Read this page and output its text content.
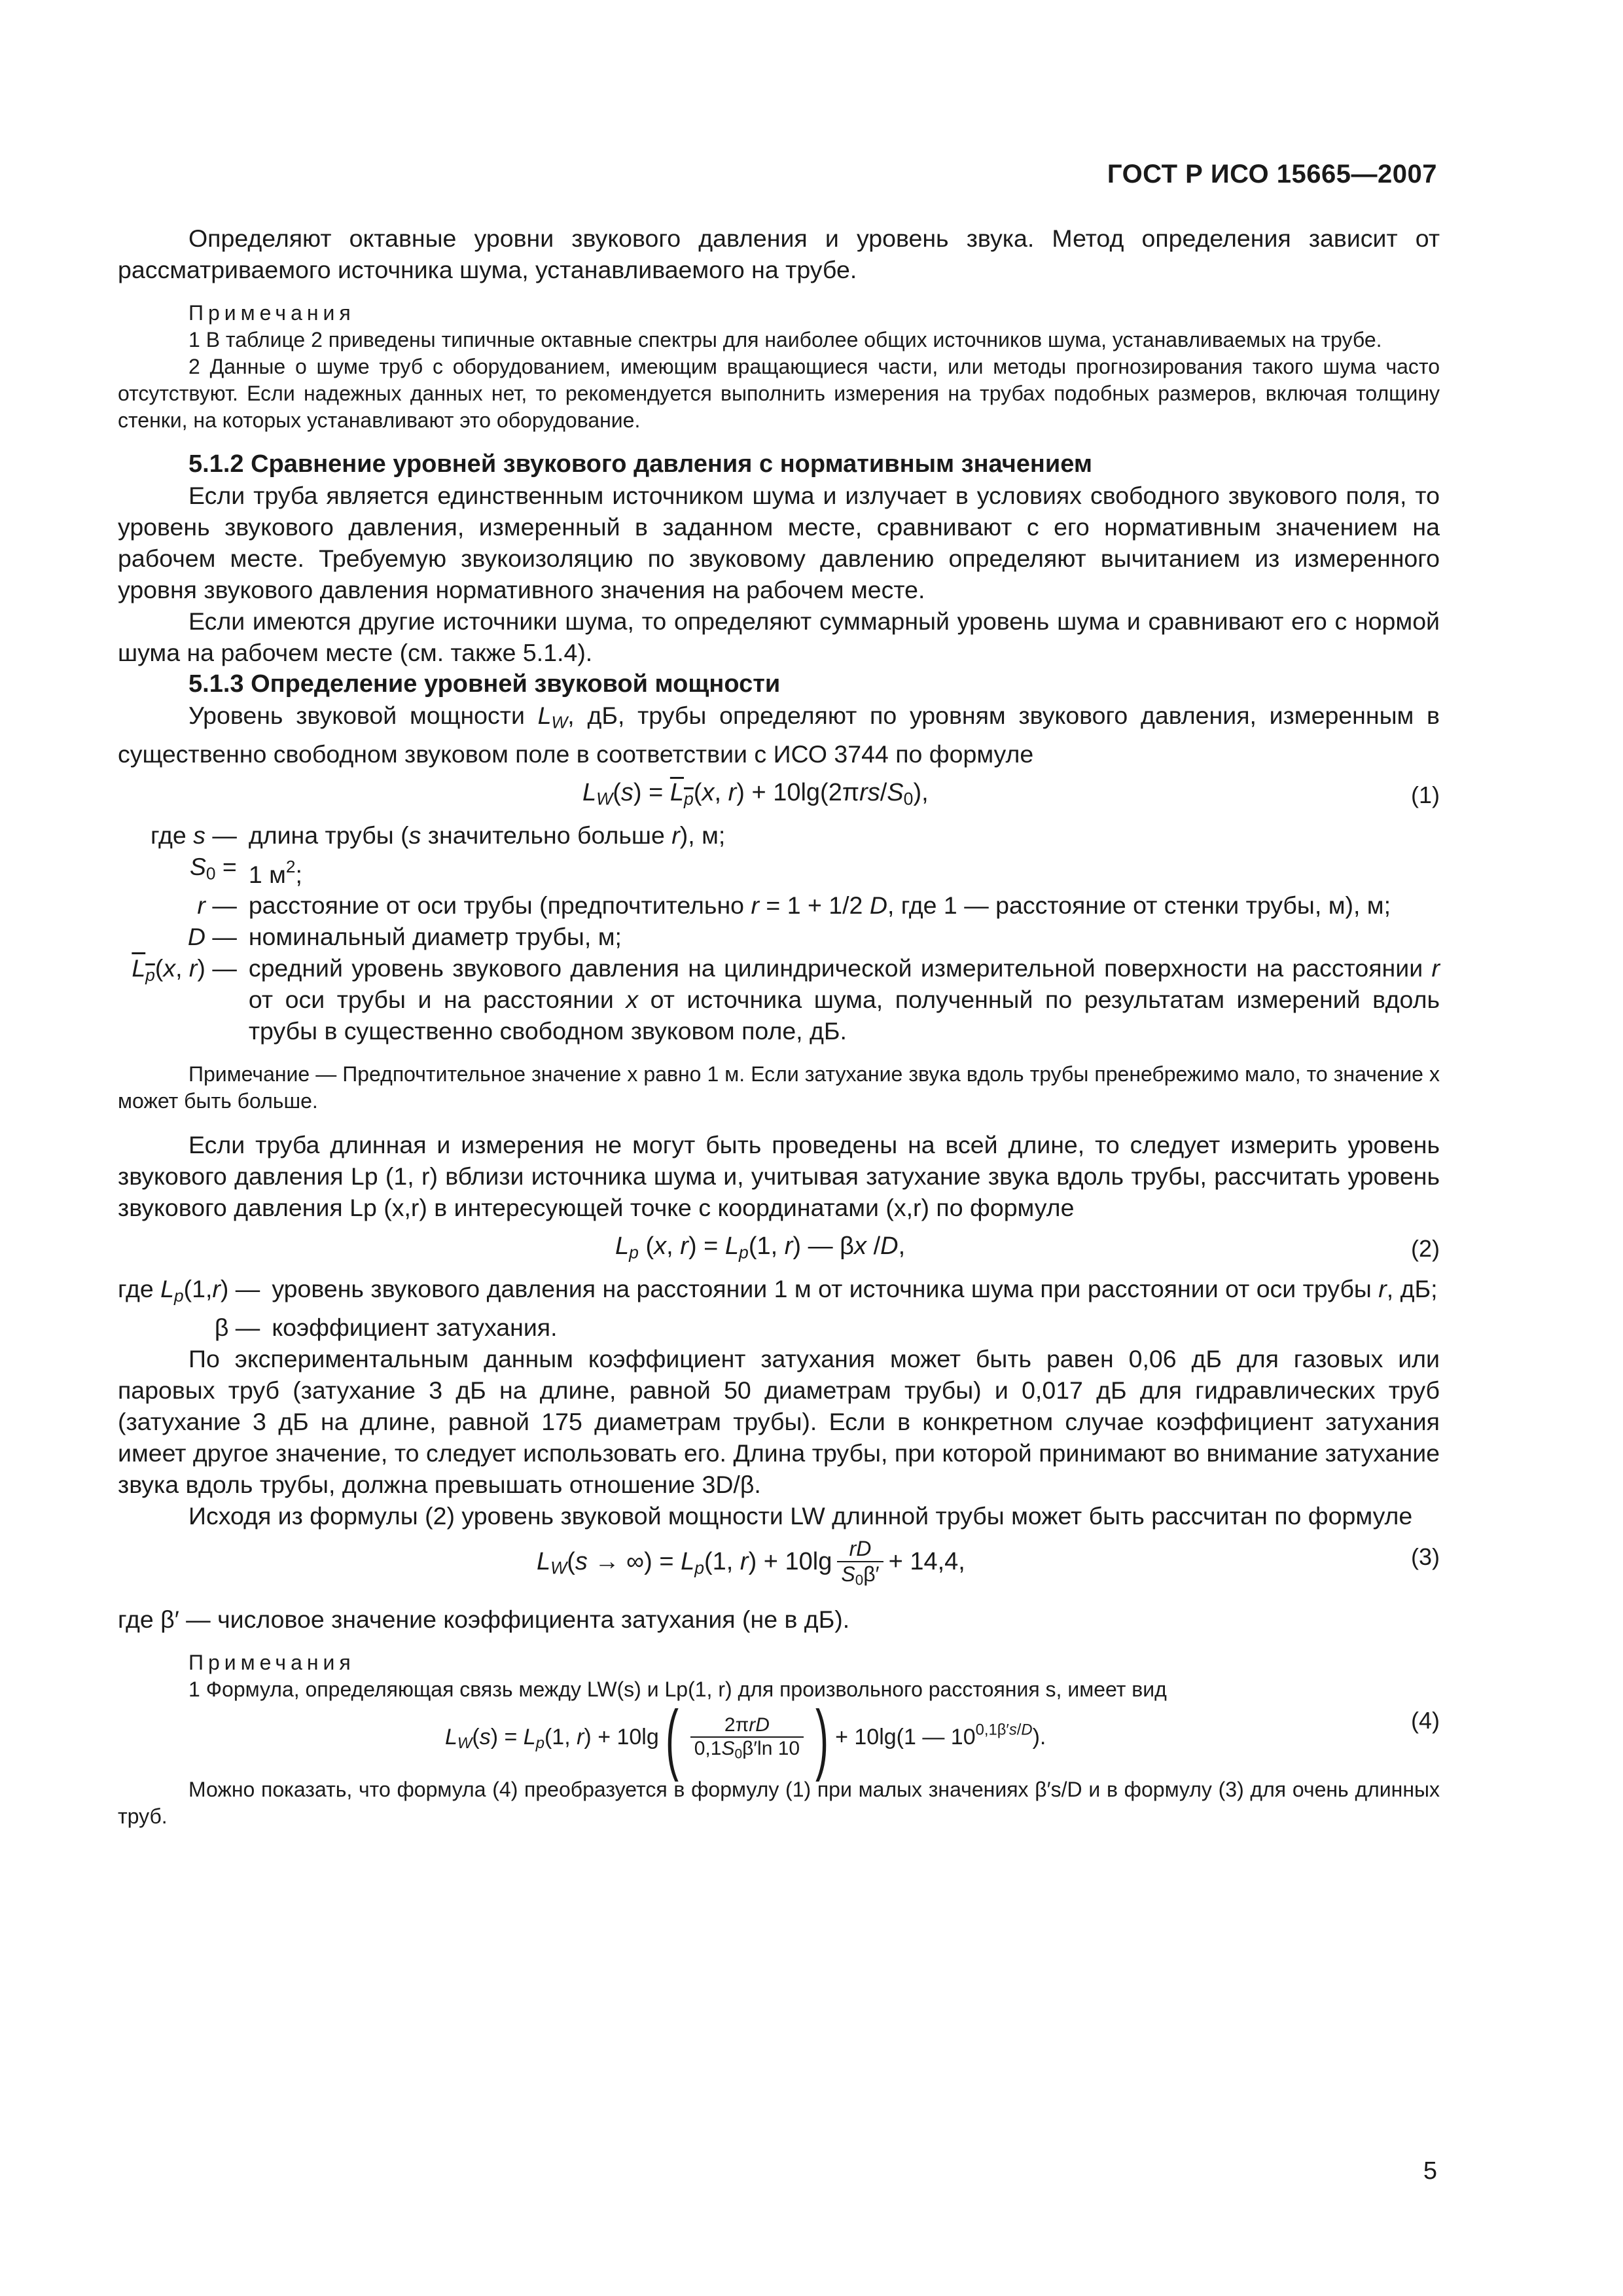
ГОСТ Р ИСО 15665—2007

Определяют октавные уровни звукового давления и уровень звука. Метод определения зависит от рассматриваемого источника шума, устанавливаемого на трубе.

Примечания

1 В таблице 2 приведены типичные октавные спектры для наиболее общих источников шума, устанавливаемых на трубе.

2 Данные о шуме труб с оборудованием, имеющим вращающиеся части, или методы прогнозирования такого шума часто отсутствуют. Если надежных данных нет, то рекомендуется выполнить измерения на трубах подобных размеров, включая толщину стенки, на которых устанавливают это оборудование.

5.1.2 Сравнение уровней звукового давления с нормативным значением

Если труба является единственным источником шума и излучает в условиях свободного звукового поля, то уровень звукового давления, измеренный в заданном месте, сравнивают с его нормативным значением на рабочем месте. Требуемую звукоизоляцию по звуковому давлению определяют вычитанием из измеренного уровня звукового давления нормативного значения на рабочем месте.

Если имеются другие источники шума, то определяют суммарный уровень шума и сравнивают его с нормой шума на рабочем месте (см. также 5.1.4).

5.1.3 Определение уровней звуковой мощности

Уровень звуковой мощности $L_W$, дБ, трубы определяют по уровням звукового давления, измеренным в существенно свободном звуковом поле в соответствии с ИСО 3744 по формуле

$L_W(s) = L_p(x$, $r) + 10\lg(2\pi rs/S_0)$,	(1)
где s —	длина трубы (s значительно больше r), м;
$S_0$ =	1 $м^2$;
r —	расстояние от оси трубы (предпочтительно r = 1 + 1/2 D, где 1 — расстояние от стенки трубы, м), м;
D —	номинальный диаметр трубы, м;
$L_p(x$, r) —	средний уровень звукового давления на цилиндрической измерительной поверхности на расстоянии r от оси трубы и на расстоянии x от источника шума, полученный по результатам измерений вдоль трубы в существенно свободном звуковом поле, дБ.

Примечание — Предпочтительное значение x равно 1 м. Если затухание звука вдоль трубы пренебрежимо мало, то значение x может быть больше.

Если труба длинная и измерения не могут быть проведены на всей длине, то следует измерить уровень звукового давления Lp (1, r) вблизи источника шума и, учитывая затухание звука вдоль трубы, рассчитать уровень звукового давления Lp (x,r) в интересующей точке с координатами (x,r) по формуле

$L_p$ (x, $r) = L_p(1$, r) — βx /D,	(2)
где $L_p(1,r)$ —	уровень звукового давления на расстоянии 1 м от источника шума при расстоянии от оси трубы r, дБ;
β —	коэффициент затухания.

По экспериментальным данным коэффициент затухания может быть равен 0,06 дБ для газовых или паровых труб (затухание 3 дБ на длине, равной 50 диаметрам трубы) и 0,017 дБ для гидравлических труб (затухание 3 дБ на длине, равной 175 диаметрам трубы). Если в конкретном случае коэффициент затухания имеет другое значение, то следует использовать его. Длина трубы, при которой принимают во внимание затухание звука вдоль трубы, должна превышать отношение 3D/β.

Исходя из формулы (2) уровень звуковой мощности LW длинной трубы может быть рассчитан по формуле

$L_W(s$ → ∞) = $L_p(1$, $r) + 10\lg \frac{rD}{S_0\beta'} + 14,4$,	(3)

где β′ — числовое значение коэффициента затухания (не в дБ).

Примечания

1 Формула, определяющая связь между LW(s) и Lp(1, r) для произвольного расстояния s, имеет вид

$L_W(s) = L_p(1$, $r) + 10\lg( \frac{\text{2πrD}}{0,1S_0\beta'\ln 10}$ ) + 10lg(1 — $10^{0,1\beta's/D}$).
(4)

Можно показать, что формула (4) преобразуется в формулу (1) при малых значениях β′s/D и в формулу (3) для очень длинных труб.

5
